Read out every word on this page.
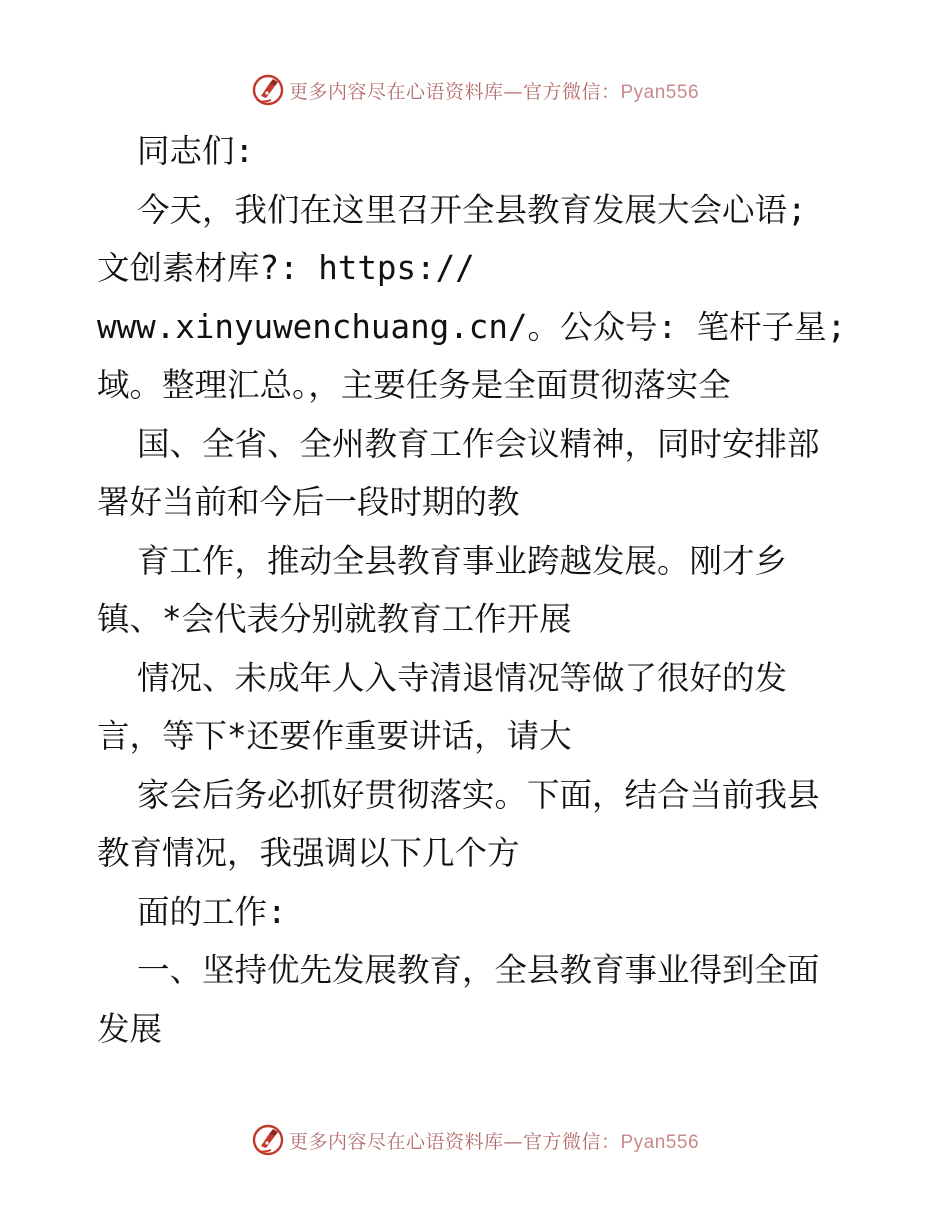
更多内容尽在心语资料库—官方微信：Pyan556
同志们:
今天，我们在这里召开全县教育发展大会心语;
文创素材库?: https://
www.xinyuwenchuang.cn/。公众号: 笔杆子星;
域。整理汇总。，主要任务是全面贯彻落实全
国、全省、全州教育工作会议精神，同时安排部
署好当前和今后一段时期的教
育工作，推动全县教育事业跨越发展。刚才乡
镇、*会代表分别就教育工作开展
情况、未成年人入寺清退情况等做了很好的发
言，等下*还要作重要讲话，请大
家会后务必抓好贯彻落实。下面，结合当前我县
教育情况，我强调以下几个方
面的工作:
一、坚持优先发展教育，全县教育事业得到全面
发展
更多内容尽在心语资料库—官方微信：Pyan556
